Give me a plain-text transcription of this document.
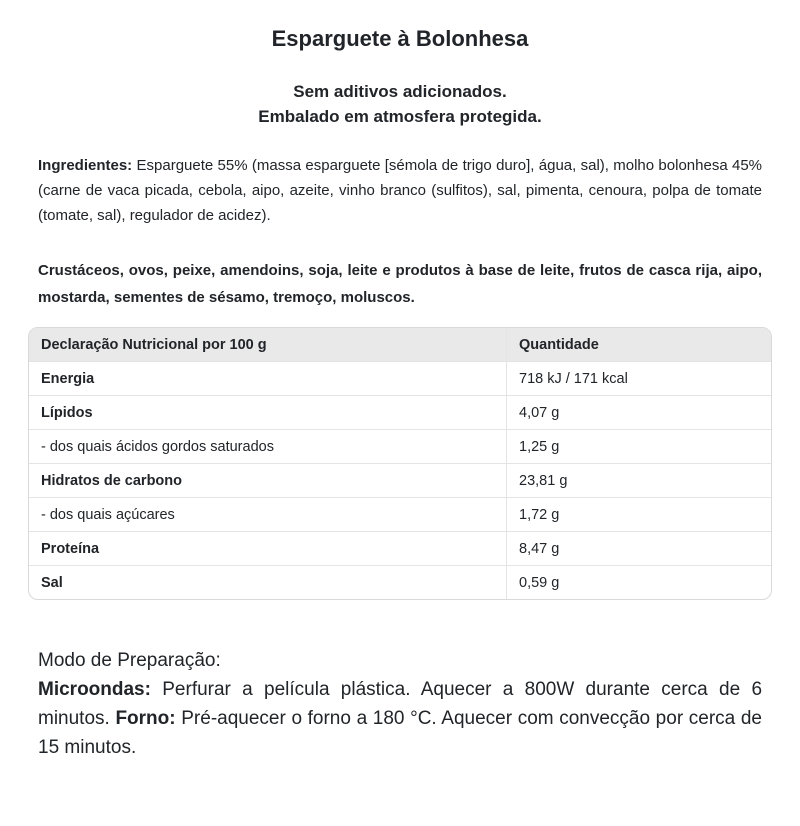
Esparguete à Bolonhesa
Sem aditivos adicionados.
Embalado em atmosfera protegida.

Ingredientes: Esparguete 55% (massa esparguete [sémola de trigo duro], água, sal), molho bolonhesa 45% (carne de vaca picada, cebola, aipo, azeite, vinho branco (sulfitos), sal, pimenta, cenoura, polpa de tomate (tomate, sal), regulador de acidez).

Crustáceos, ovos, peixe, amendoins, soja, leite e produtos à base de leite, frutos de casca rija, aipo, mostarda, sementes de sésamo, tremoço, moluscos.

Declaração Nutricional por 100 g	Quantidade
Energia	718 kJ / 171 kcal
Lípidos	4,07 g
- dos quais ácidos gordos saturados	1,25 g
Hidratos de carbono	23,81 g
- dos quais açúcares	1,72 g
Proteína	8,47 g
Sal	0,59 g
Modo de Preparação:
Microondas: Perfurar a película plástica. Aquecer a 800W durante cerca de 6 minutos. Forno: Pré-aquecer o forno a 180 °C. Aquecer com convecção por cerca de 15 minutos.
